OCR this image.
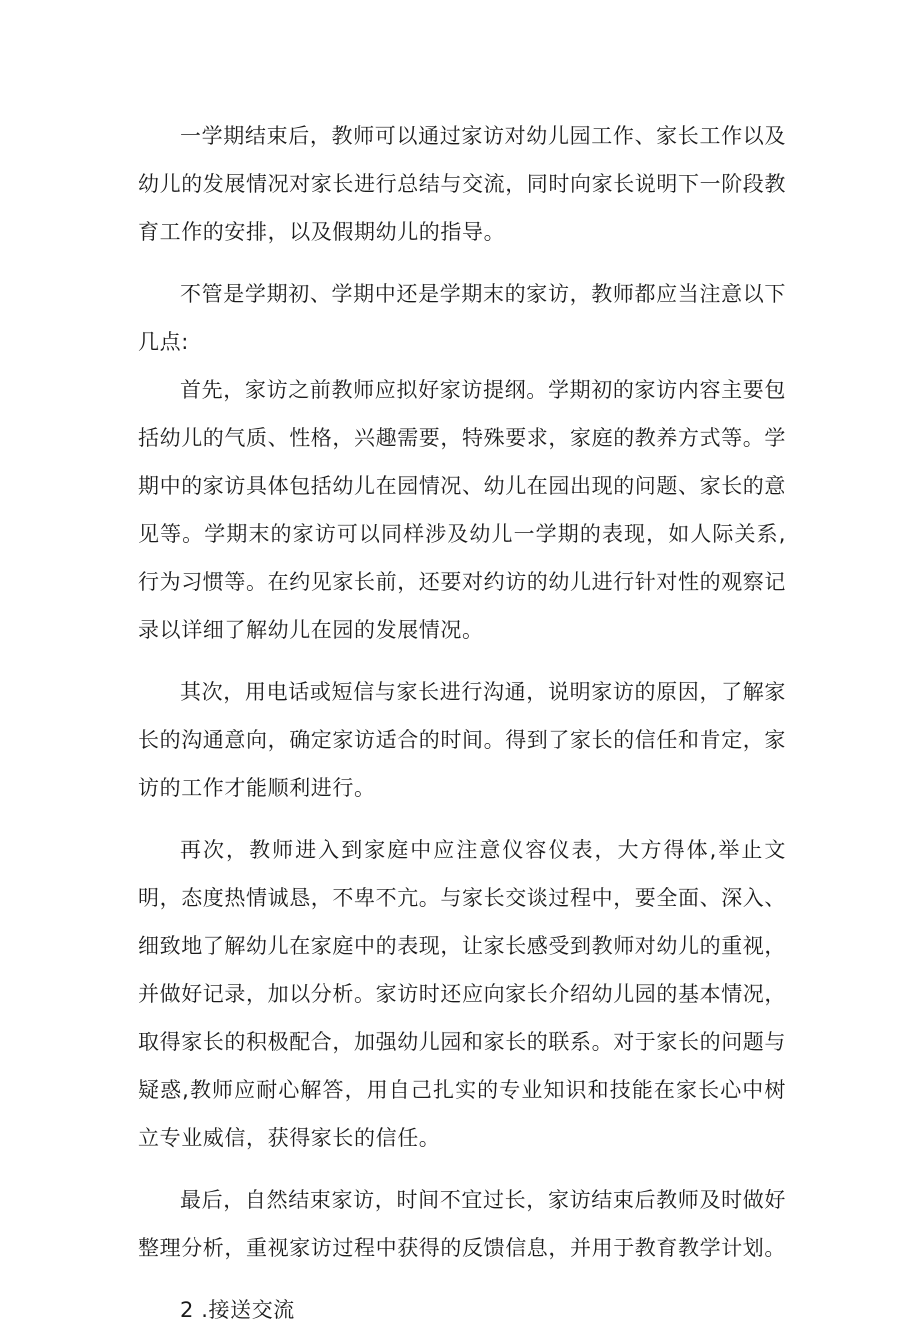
一学期结束后，教师可以通过家访对幼儿园工作、家长工作以及幼儿的发展情况对家长进行总结与交流，同时向家长说明下一阶段教育工作的安排，以及假期幼儿的指导。

不管是学期初、学期中还是学期末的家访，教师都应当注意以下几点:

首先，家访之前教师应拟好家访提纲。学期初的家访内容主要包括幼儿的气质、性格，兴趣需要，特殊要求，家庭的教养方式等。学期中的家访具体包括幼儿在园情况、幼儿在园出现的问题、家长的意见等。学期末的家访可以同样涉及幼儿一学期的表现，如人际关系,行为习惯等。在约见家长前，还要对约访的幼儿进行针对性的观察记录以详细了解幼儿在园的发展情况。

其次，用电话或短信与家长进行沟通，说明家访的原因，了解家长的沟通意向，确定家访适合的时间。得到了家长的信任和肯定，家访的工作才能顺利进行。

再次，教师进入到家庭中应注意仪容仪表，大方得体,举止文明，态度热情诚恳，不卑不亢。与家长交谈过程中，要全面、深入、细致地了解幼儿在家庭中的表现，让家长感受到教师对幼儿的重视，并做好记录，加以分析。家访时还应向家长介绍幼儿园的基本情况，取得家长的积极配合，加强幼儿园和家长的联系。对于家长的问题与疑惑,教师应耐心解答，用自己扎实的专业知识和技能在家长心中树立专业威信，获得家长的信任。

最后，自然结束家访，时间不宜过长，家访结束后教师及时做好整理分析，重视家访过程中获得的反馈信息，并用于教育教学计划。

2 .接送交流
